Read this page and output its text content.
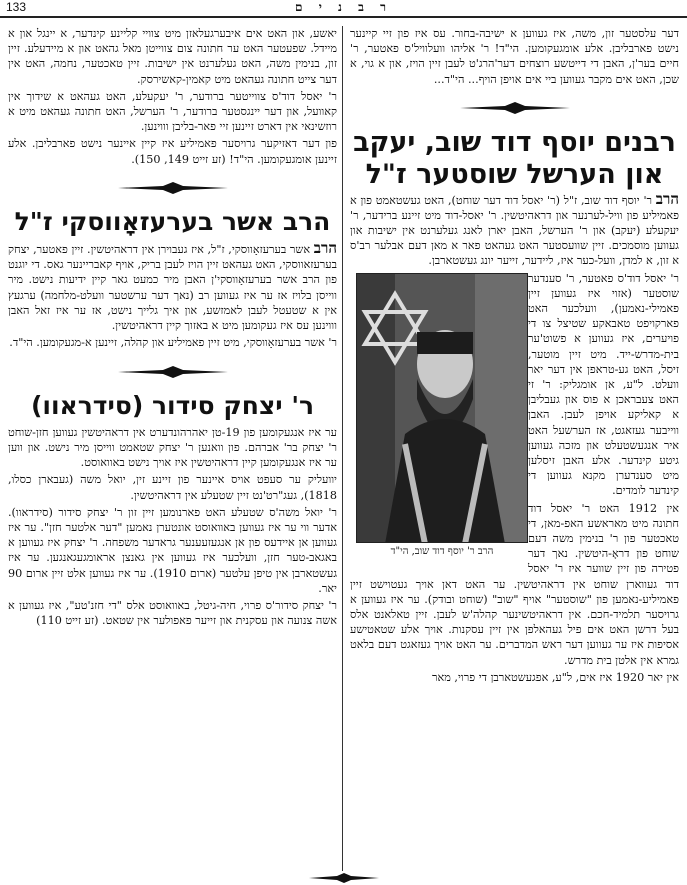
133	ר ב נ י ם

דער עלסטער זון, משה, איז געווען א ישיבה-בחור. עס איז פון זיי קיינער נישט פארבליבן. אלע אומגעקומען. הי"ד! ר' אליהו וועלוויל'ס פאטער, ר' חיים בער'ן, האבן די דייטשע רוצחים דער'הרג'ט לעבן זיין הויז, און א גוי, א שכן, האט אים מקבר געווען ביי אים אויפן הויף... הי"ד...

רבנים יוסף דוד שוב, יעקב
און הערשל שוסטער ז"ל

הרב ר' יוסף דוד שוב, ז"ל (ר' יאסל דוד דער שוחט), האט געשטאמט פון א פאמיליע פון וויל-לערנער און דראהיטשין. ר' יאסל-דוד מיט זיינע ברידער, ר' יעקעלע (יעקב) און ר' הערשל, האבן יארן לאנג געלערנט אין ישיבות און געווען מוסמכים. זיין שוועסטער האט געהאט פאר א מאן דעם אבלער רב'ס א זון, א למדן, וועל-כער איז, ליידער, זייער יונג געשטארבן.

הרב ר' יוסף דוד שוב, הי"ד

ר' יאסל דוד'ס פאטער, ר' סענדער שוסטער (אזוי איז געווען זיין פאמילי-נאמען), וועלכער האט פארקויפט טאבאקע שטיצל צו די פויערים, איז געווען א פשוט'ער בית-מדרש-ייד. מיט זיין מוטער, זיסל, האט גע-טראפן אין דער יאר וועלט. ל"ע, אן אומגליק: ר' זי האט צעבראכן א פוס און געבליבן א קאליקע אויפן לעבן. האבן ווייבער געזאגט, אז הערשעל האט איר אנגעשטעלט און מזכה געווען גיטע קינדער. אלע האבן זיסלען מיט סענדערן מקנא געווען די קינדער לומדים.

אין 1912 האט ר' יאסל דוד חתונה מיט מאראשע האפ-מאן, די טאכטער פון ר' בנימין משה דעם שוחט פון דראָ-היטשין. נאך דער פטירה פון זיין שווער איז ר' יאסל דוד געווארן שוחט אין דראהיטשין. ער האט דאן אויך געטוישט זיין פאמיליע-נאמען פון "שוסטער" אויף "שוב" (שוחט ובודק). ער איז געווען א גרויסער תלמיד-חכם. אין דראהיטשינער קהלה'ש לעבן. זיין טאלאנט אלס בעל דרשן האט אים פיל געהאלפן אין זיין עסקנות. אויך אלע שטאטישע אסיפות איז ער געווען דער ראש המדברים. ער האט אויך געזאגט דעם בלאט גמרא אין אלטן בית מדרש.

אין יאר 1920 איז אים, ל"ע, אפגעשטארבן די פרוי, מאר

יאשע, און האט אים איבערגעלאזן מיט צוויי קליינע קינדער, א יינגל און א מיידל. שפעטער האט ער חתונה צום צווייטן מאל גהאט און א מיידעלע. זיין זון, בנימין משה, האט געלערנט אין ישיבות. זיין טאכטער, נחמה, האט אין דער צייט חתונה געהאט מיט קאמין-קאשירסק.

ר' יאסל דוד'ס צווייטער ברודער, ר' יעקעלע, האט געהאט א שידוך אין קאוועל, און דער יינגסטער ברודער, ר' הערשל, האט חתונה געהאט מיט א רוזשינאי אין דארט זיינען זיי פאר-בליבן וווינען.

פון דער דאזיקער גרויסער פאמיליע איז קיין איינער נישט פארבליבן. אלע זיינען אומגעקומען. הי"ד! (זע זייט 149, 150).

הרב אשר בערעזאָווסקי ז"ל

הרב אשר בערעזאָווסקי, ז"ל, איז געבוירן אין דראהיטשין. זיין פאטער, יצחק בערעזאווסקי, האט געהאט זיין הויז לעבן בריק, אויף קאבריינער גאס. די יוגנט פון הרב אשר בערעזאָווסקי'ן האבן מיר כמעט גאר קיין ידיעות נישט. מיר ווייסן בלויז אז ער איז געווען רב (נאך דער ערשטער וועלט-מלחמה) ערגעץ אין א שטעטל לעבן לאמזשע, און איך גלייך נישט, אז ער איז זאל האבן וווינען עס איז געקומען מיט א באזוך קיין דראהיטשין.

ר' אשר בערעזאָווסקי, מיט זיין פאמיליע און קהלה, זיינען א-מגעקומען. הי"ד.

ר' יצחק סידור (סידראוו)

ער איז אנגעקומען פון 19-טן יאהרהונדערט אין דראהיטשין געווען חזן-שוחט ר' יצחק בר' אברהם. פון וואנען ר' יצחק שטאמט ווייסן מיר נישט. און ווען ער איז אנגעקומען קיין דראהיטשין איז אויך נישט באוואוסט.

יוועליק ער סעפט אויס איינער פון זיינע זין, יואל משה (געבארן כסלו, 1818), געג"רט'נט זיין שטעלע אין דראהיטשין.

ר' יואל משה'ס שטעלע האט פארנומען זיין זון ר' יצחק סידור (סידראוו). אדער ווי ער איז געווען באוואוסט אונטערן נאמען "דער אלטער חזן". ער איז געווען אן איידעס פון אן אנגעזעענער גראדער משפחה. ר' יצחק איז געווען א באגאב-טער חזן, וועלכער איז געווען אין גאנצן אראומגעגאנגען. ער איז געשטארבן אין טיפן עלטער (ארום 1910). ער איז געווען אלט זיין ארום 90 יאר.

ר' יצחק סידור'ס פרוי, חיה-גיטל, באוואוסט אלס "די חזנ'טע", איז געווען א אשה צנועה און עסקנית און זייער פאפולער אין שטאט. (זע זייט 110)
